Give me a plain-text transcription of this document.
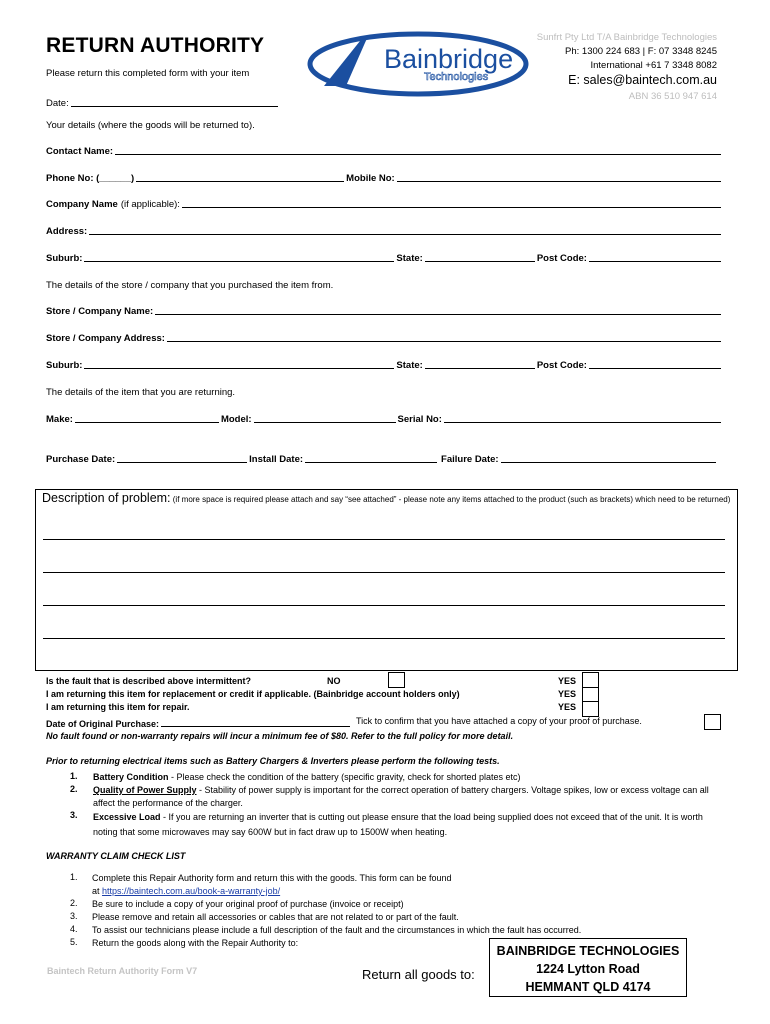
RETURN AUTHORITY
Please return this completed form with your item	Bainbridge
Technologies
Sunfrt Pty Ltd T/A Bainbridge Technologies
Ph: 1300 224 683 | F: 07 3348 8245
International +61 7 3348 8082
E: sales@baintech.com.au
ABN 36 510 947 614
Date:
Your details (where the goods will be returned to).
Contact Name:
Phone No: (______)	Mobile No:
Company Name (if applicable):
Address:
Suburb:	State:	Post Code:
The details of the store / company that you purchased the item from.
Store / Company Name:
Store / Company Address:
Suburb:	State:	Post Code:
The details of the item that you are returning.
Make:	Model:	Serial No:
Purchase Date:	Install Date:	Failure Date:
Description of problem: (if more space is required please attach and say “see attached” - please note any items attached to the product (such as brackets) which need to be returned)
Is the fault that is described above intermittent?	NO	YES
I am returning this item for replacement or credit if applicable. (Bainbridge account holders only)	YES
I am returning this item for repair.	YES
Date of Original Purchase:	Tick to confirm that you have attached a copy of your proof of purchase.
No fault found or non-warranty repairs will incur a minimum fee of $80. Refer to the full policy for more detail.
Prior to returning electrical items such as Battery Chargers & Inverters please perform the following tests.
1. Battery Condition - Please check the condition of the battery (specific gravity, check for shorted plates etc)
2. Quality of Power Supply - Stability of power supply is important for the correct operation of battery chargers. Voltage spikes, low or excess voltage can all affect the performance of the charger.
3. Excessive Load - If you are returning an inverter that is cutting out please ensure that the load being supplied does not exceed that of the unit. It is worth noting that some microwaves may say 600W but in fact draw up to 1500W when heating.
WARRANTY CLAIM CHECK LIST
1. Complete this Repair Authority form and return this with the goods. This form can be found
at https://baintech.com.au/book-a-warranty-job/
2. Be sure to include a copy of your original proof of purchase (invoice or receipt)
3. Please remove and retain all accessories or cables that are not related to or part of the fault.
4. To assist our technicians please include a full description of the fault and the circumstances in which the fault has occurred.
5. Return the goods along with the Repair Authority to:
Baintech Return Authority Form V7	Return all goods to:
BAINBRIDGE TECHNOLOGIES
1224 Lytton Road
HEMMANT QLD 4174
